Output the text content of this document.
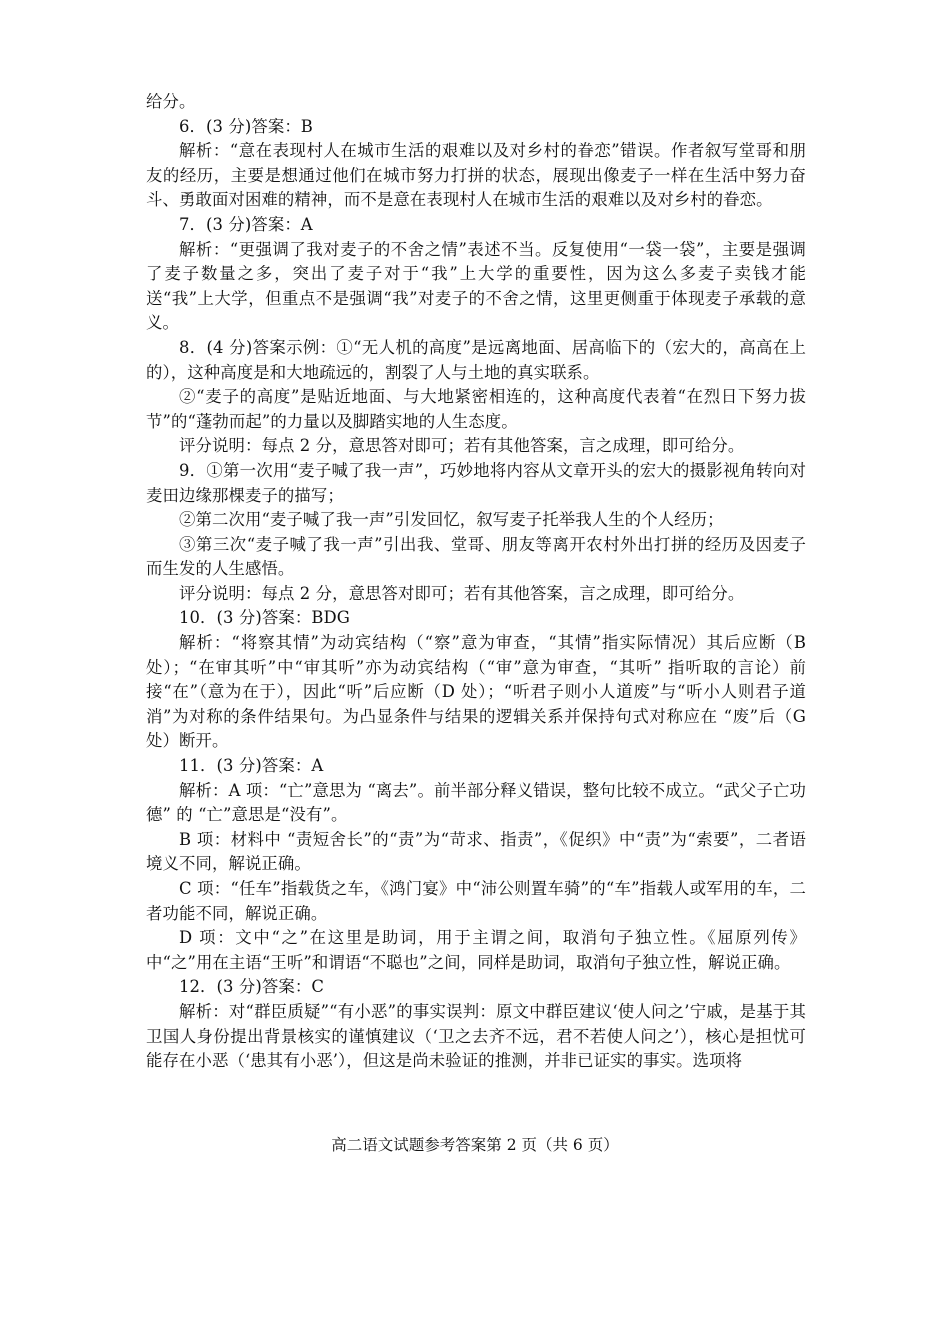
给分。

6．(3 分)答案：B

解析：“意在表现村人在城市生活的艰难以及对乡村的眷恋”错误。作者叙写堂哥和朋友的经历，主要是想通过他们在城市努力打拼的状态，展现出像麦子一样在生活中努力奋斗、勇敢面对困难的精神，而不是意在表现村人在城市生活的艰难以及对乡村的眷恋。

7．(3 分)答案：A

解析：“更强调了我对麦子的不舍之情”表述不当。反复使用“一袋一袋”，主要是强调了麦子数量之多，突出了麦子对于“我”上大学的重要性，因为这么多麦子卖钱才能送“我”上大学，但重点不是强调“我”对麦子的不舍之情，这里更侧重于体现麦子承载的意义。

8．(4 分)答案示例：①“无人机的高度”是远离地面、居高临下的（宏大的，高高在上的），这种高度是和大地疏远的，割裂了人与土地的真实联系。

②“麦子的高度”是贴近地面、与大地紧密相连的，这种高度代表着“在烈日下努力拔节”的“蓬勃而起”的力量以及脚踏实地的人生态度。

评分说明：每点 2 分，意思答对即可；若有其他答案，言之成理，即可给分。

9．①第一次用“麦子喊了我一声”，巧妙地将内容从文章开头的宏大的摄影视角转向对麦田边缘那棵麦子的描写；

②第二次用“麦子喊了我一声”引发回忆，叙写麦子托举我人生的个人经历；

③第三次“麦子喊了我一声”引出我、堂哥、朋友等离开农村外出打拼的经历及因麦子而生发的人生感悟。

评分说明：每点 2 分，意思答对即可；若有其他答案，言之成理，即可给分。

10．(3 分)答案：BDG

解析：“将察其情”为动宾结构（“察”意为审查，“其情”指实际情况）其后应断（B 处）；“在审其听”中“审其听”亦为动宾结构（“审”意为审查，“其听” 指听取的言论）前接“在”（意为在于），因此“听”后应断（D 处）；“听君子则小人道废”与“听小人则君子道消”为对称的条件结果句。为凸显条件与结果的逻辑关系并保持句式对称应在 “废”后（G 处）断开。

11．(3 分)答案：A

解析：A 项：“亡”意思为 “离去”。前半部分释义错误，整句比较不成立。“武父子亡功德” 的 “亡”意思是“没有”。

B 项：材料中 “责短舍长”的“责”为“苛求、指责”，《促织》中“责”为“索要”，二者语境义不同，解说正确。

C 项：“任车”指载货之车，《鸿门宴》中“沛公则置车骑”的“车”指载人或军用的车，二者功能不同，解说正确。

D 项：文中“之”在这里是助词，用于主谓之间，取消句子独立性。《屈原列传》中“之”用在主语“王听”和谓语“不聪也”之间，同样是助词，取消句子独立性，解说正确。

12．(3 分)答案：C

解析：对“群臣质疑”“有小恶”的事实误判：原文中群臣建议‘使人问之’宁戚，是基于其卫国人身份提出背景核实的谨慎建议（‘卫之去齐不远，君不若使人问之’），核心是担忧可能存在小恶（‘患其有小恶’），但这是尚未验证的推测，并非已证实的事实。选项将

高二语文试题参考答案第 2 页（共 6 页）
